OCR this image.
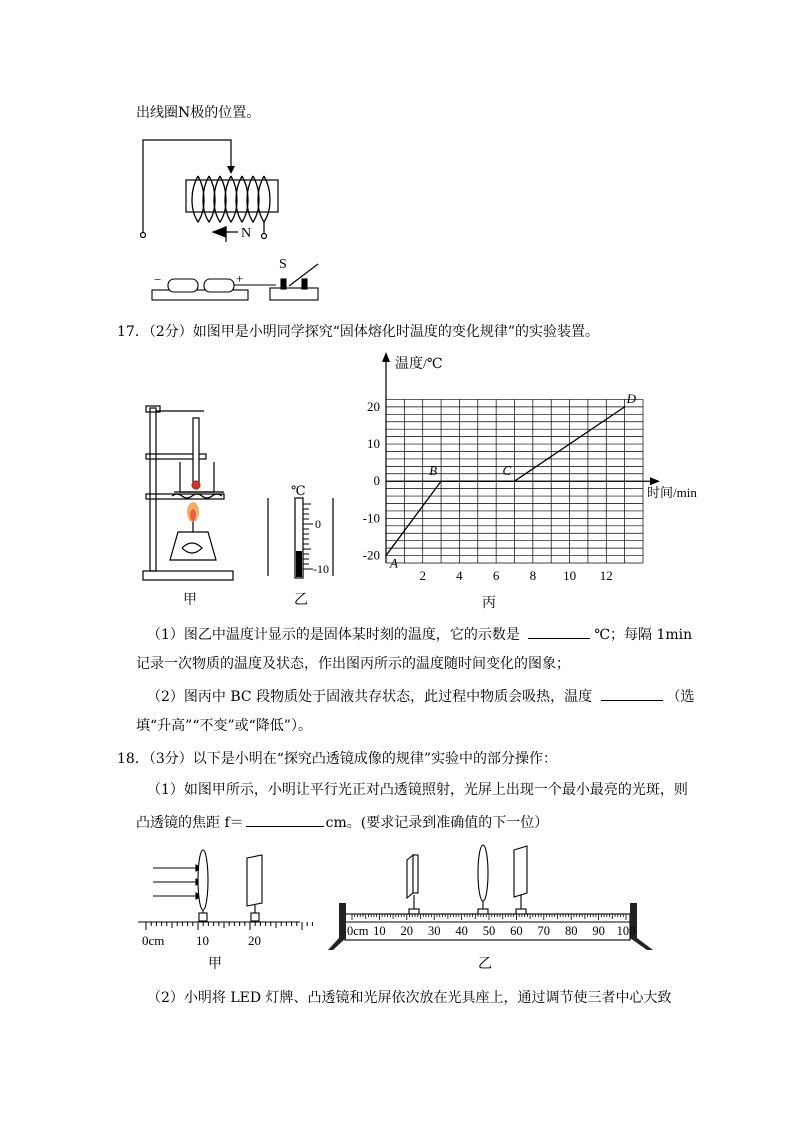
出线圈N极的位置。
N
−	+
S
17．（2分）如图甲是小明同学探究“固体熔化时温度的变化规律”的实验装置。
甲
℃
0
-10
乙
20
10
0
-10
-20
2 4 6 8 10 12
A
B	C
D
温度/℃
时间/min
丙
（1）图乙中温度计显示的是固体某时刻的温度，它的示数是	℃；每隔 1min
记录一次物质的温度及状态，作出图丙所示的温度随时间变化的图象；
（2）图丙中 BC 段物质处于固液共存状态，此过程中物质会吸热，温度	（选
填“升高”“不变”或“降低”）。
18．（3分）以下是小明在“探究凸透镜成像的规律”实验中的部分操作：
（1）如图甲所示，小明让平行光正对凸透镜照射，光屏上出现一个最小最亮的光斑，则
凸透镜的焦距 f＝	cm。(要求记录到准确值的下一位）
0cm 10	20
甲
0cm 10 20 30 40 50 60 70 80 90 100
乙
（2）小明将 LED 灯牌、凸透镜和光屏依次放在光具座上，通过调节使三者中心大致
